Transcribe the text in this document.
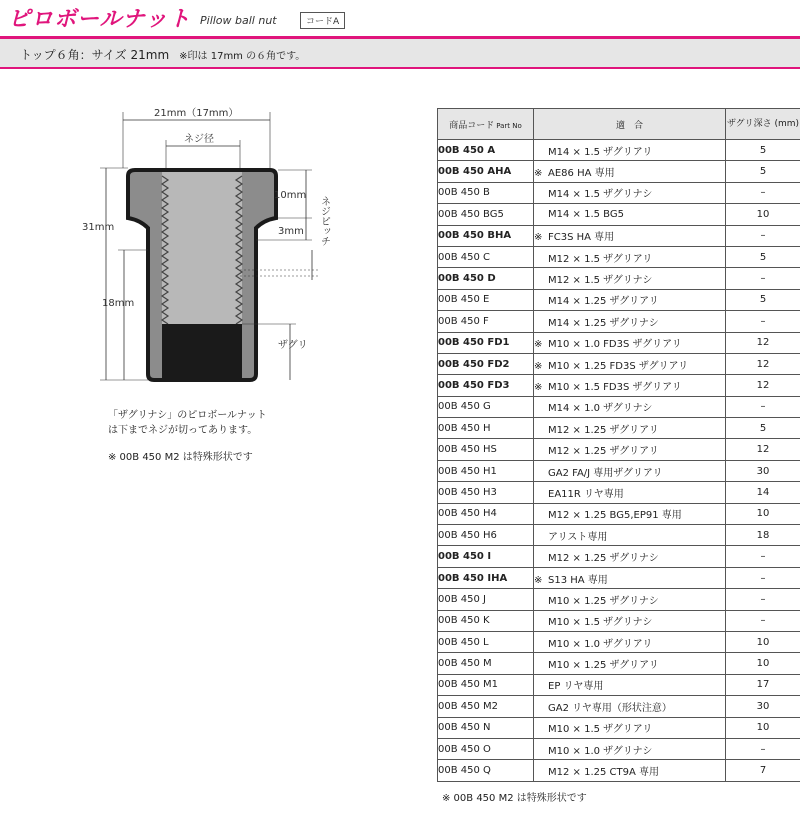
ピロボールナット Pillow ball nut	コードA
トップ６角：サイズ 21mm ※印は 17mm の６角です。
21mm（17mm）
ネジ径
31mm
18mm
10mm
3mm ネジピッチ
ザグリ
「ザグリナシ」のピロボールナット
は下までネジが切ってあります。
※ 00B 450 M2 は特殊形状です
商品コード Part No	適　合	ザグリ深さ (mm)
00B 450 A	M14 × 1.5 ザグリアリ	5
00B 450 AHA	※ AE86 HA 専用	5
00B 450 B	M14 × 1.5 ザグリナシ	–
00B 450 BG5	M14 × 1.5 BG5	10
00B 450 BHA	※ FC3S HA 専用	–
00B 450 C	M12 × 1.5 ザグリアリ	5
00B 450 D	M12 × 1.5 ザグリナシ	–
00B 450 E	M14 × 1.25 ザグリアリ	5
00B 450 F	M14 × 1.25 ザグリナシ	–
00B 450 FD1	※ M10 × 1.0 FD3S ザグリアリ	12
00B 450 FD2	※ M10 × 1.25 FD3S ザグリアリ	12
00B 450 FD3	※ M10 × 1.5 FD3S ザグリアリ	12
00B 450 G	M14 × 1.0 ザグリナシ	–
00B 450 H	M12 × 1.25 ザグリアリ	5
00B 450 HS	M12 × 1.25 ザグリアリ	12
00B 450 H1	GA2 FA/J 専用ザグリアリ	30
00B 450 H3	EA11R リヤ専用	14
00B 450 H4	M12 × 1.25 BG5,EP91 専用	10
00B 450 H6	アリスト専用	18
00B 450 I	M12 × 1.25 ザグリナシ	–
00B 450 IHA	※ S13 HA 専用	–
00B 450 J	M10 × 1.25 ザグリナシ	–
00B 450 K	M10 × 1.5 ザグリナシ	–
00B 450 L	M10 × 1.0 ザグリアリ	10
00B 450 M	M10 × 1.25 ザグリアリ	10
00B 450 M1	EP リヤ専用	17
00B 450 M2	GA2 リヤ専用（形状注意）	30
00B 450 N	M10 × 1.5 ザグリアリ	10
00B 450 O	M10 × 1.0 ザグリナシ	–
00B 450 Q	M12 × 1.25 CT9A 専用	7
※ 00B 450 M2 は特殊形状です
